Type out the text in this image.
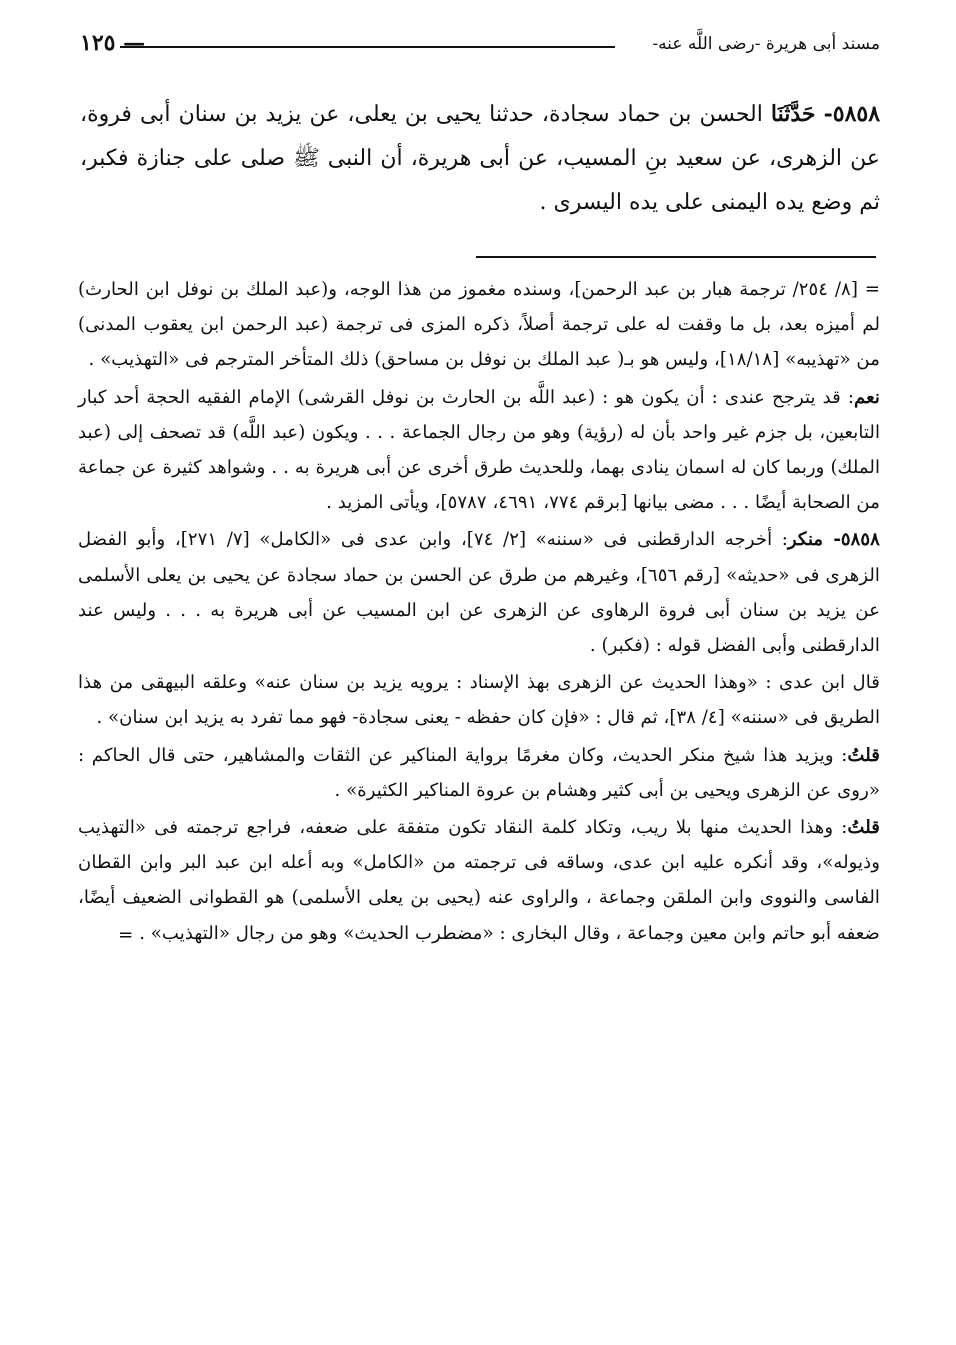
مسند أبى هريرة -رضى اللَّه عنه-
١٢٥ —
٥٨٥٨- حَدَّثَنَا الحسن بن حماد سجادة، حدثنا يحيى بن يعلى، عن يزيد بن سنان أبى فروة، عن الزهرى، عن سعيد بنِ المسيب، عن أبى هريرة، أن النبى ﷺ صلى على جنازة فكبر، ثم وضع يده اليمنى على يده اليسرى .

= [٨/ ٢٥٤/ ترجمة هبار بن عبد الرحمن]، وسنده مغموز من هذا الوجه، و(عبد الملك بن نوفل ابن الحارث) لم أميزه بعد، بل ما وقفت له على ترجمة أصلاً، ذكره المزى فى ترجمة (عبد الرحمن ابن يعقوب المدنى) من «تهذيبه» [١٨/١٨]، وليس هو بـ( عبد الملك بن نوفل بن مساحق) ذلك المتأخر المترجم فى «التهذيب» .

نعم: قد يترجح عندى : أن يكون هو : (عبد اللَّه بن الحارث بن نوفل القرشى) الإمام الفقيه الحجة أحد كبار التابعين، بل جزم غير واحد بأن له (رؤية) وهو من رجال الجماعة . . . ويكون (عبد اللَّه) قد تصحف إلى (عبد الملك) وربما كان له اسمان ينادى بهما، وللحديث طرق أخرى عن أبى هريرة به . . وشواهد كثيرة عن جماعة من الصحابة أيضًا . . . مضى بيانها [برقم ٧٧٤، ٤٦٩١، ٥٧٨٧]، ويأتى المزيد .

٥٨٥٨- منكر: أخرجه الدارقطنى فى «سننه» [٢/ ٧٤]، وابن عدى فى «الكامل» [٧/ ٢٧١]، وأبو الفضل الزهرى فى «حديثه» [رقم ٦٥٦]، وغيرهم من طرق عن الحسن بن حماد سجادة عن يحيى بن يعلى الأسلمى عن يزيد بن سنان أبى فروة الرهاوى عن الزهرى عن ابن المسيب عن أبى هريرة به . . . وليس عند الدارقطنى وأبى الفضل قوله : (فكبر) .

قال ابن عدى : «وهذا الحديث عن الزهرى بهذ الإسناد : يرويه يزيد بن سنان عنه» وعلقه البيهقى من هذا الطريق فى «سننه» [٤/ ٣٨]، ثم قال : «فإن كان حفظه - يعنى سجادة- فهو مما تفرد به يزيد ابن سنان» .

قلتُ: ويزيد هذا شيخ منكر الحديث، وكان مغرمًا برواية المناكير عن الثقات والمشاهير، حتى قال الحاكم : «روى عن الزهرى ويحيى بن أبى كثير وهشام بن عروة المناكير الكثيرة» .

قلتُ: وهذا الحديث منها بلا ريب، وتكاد كلمة النقاد تكون متفقة على ضعفه، فراجع ترجمته فى «التهذيب وذيوله»، وقد أنكره عليه ابن عدى، وساقه فى ترجمته من «الكامل» وبه أعله ابن عبد البر وابن القطان الفاسى والنووى وابن الملقن وجماعة ، والراوى عنه (يحيى بن يعلى الأسلمى) هو القطوانى الضعيف أيضًا، ضعفه أبو حاتم وابن معين وجماعة ، وقال البخارى : «مضطرب الحديث» وهو من رجال «التهذيب» .

=
